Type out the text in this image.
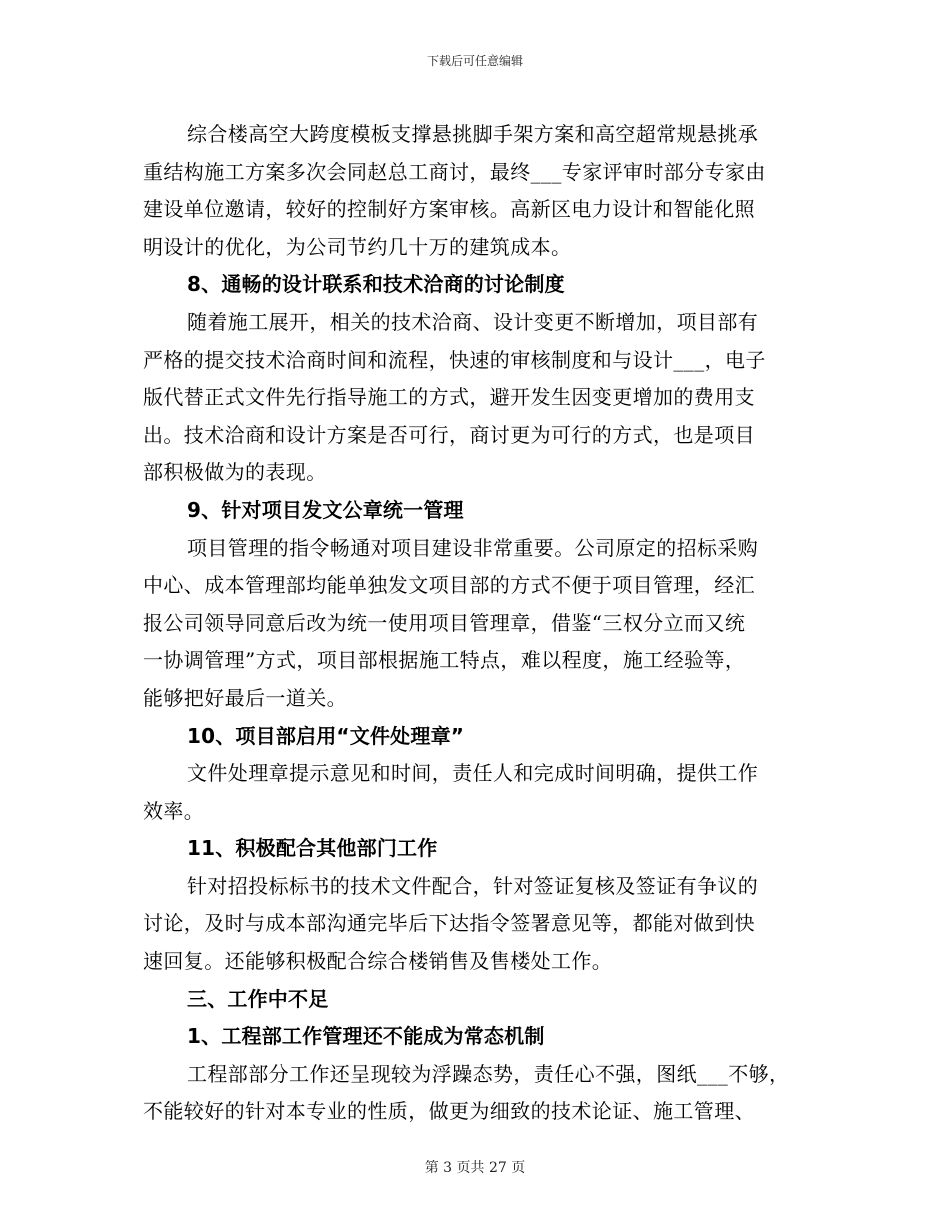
下载后可任意编辑
综合楼高空大跨度模板支撑悬挑脚手架方案和高空超常规悬挑承
重结构施工方案多次会同赵总工商讨，最终___专家评审时部分专家由
建设单位邀请，较好的控制好方案审核。高新区电力设计和智能化照
明设计的优化，为公司节约几十万的建筑成本。
8、通畅的设计联系和技术洽商的讨论制度
随着施工展开，相关的技术洽商、设计变更不断增加，项目部有
严格的提交技术洽商时间和流程，快速的审核制度和与设计___，电子
版代替正式文件先行指导施工的方式，避开发生因变更增加的费用支
出。技术洽商和设计方案是否可行，商讨更为可行的方式，也是项目
部积极做为的表现。
9、针对项目发文公章统一管理
项目管理的指令畅通对项目建设非常重要。公司原定的招标采购
中心、成本管理部均能单独发文项目部的方式不便于项目管理，经汇
报公司领导同意后改为统一使用项目管理章，借鉴“三权分立而又统
一协调管理”方式，项目部根据施工特点，难以程度，施工经验等，
能够把好最后一道关。
10、项目部启用“文件处理章”
文件处理章提示意见和时间，责任人和完成时间明确，提供工作
效率。
11、积极配合其他部门工作
针对招投标标书的技术文件配合，针对签证复核及签证有争议的
讨论，及时与成本部沟通完毕后下达指令签署意见等，都能对做到快
速回复。还能够积极配合综合楼销售及售楼处工作。
三、工作中不足
1、工程部工作管理还不能成为常态机制
工程部部分工作还呈现较为浮躁态势，责任心不强，图纸___不够，
不能较好的针对本专业的性质，做更为细致的技术论证、施工管理、
第 3 页共 27 页
